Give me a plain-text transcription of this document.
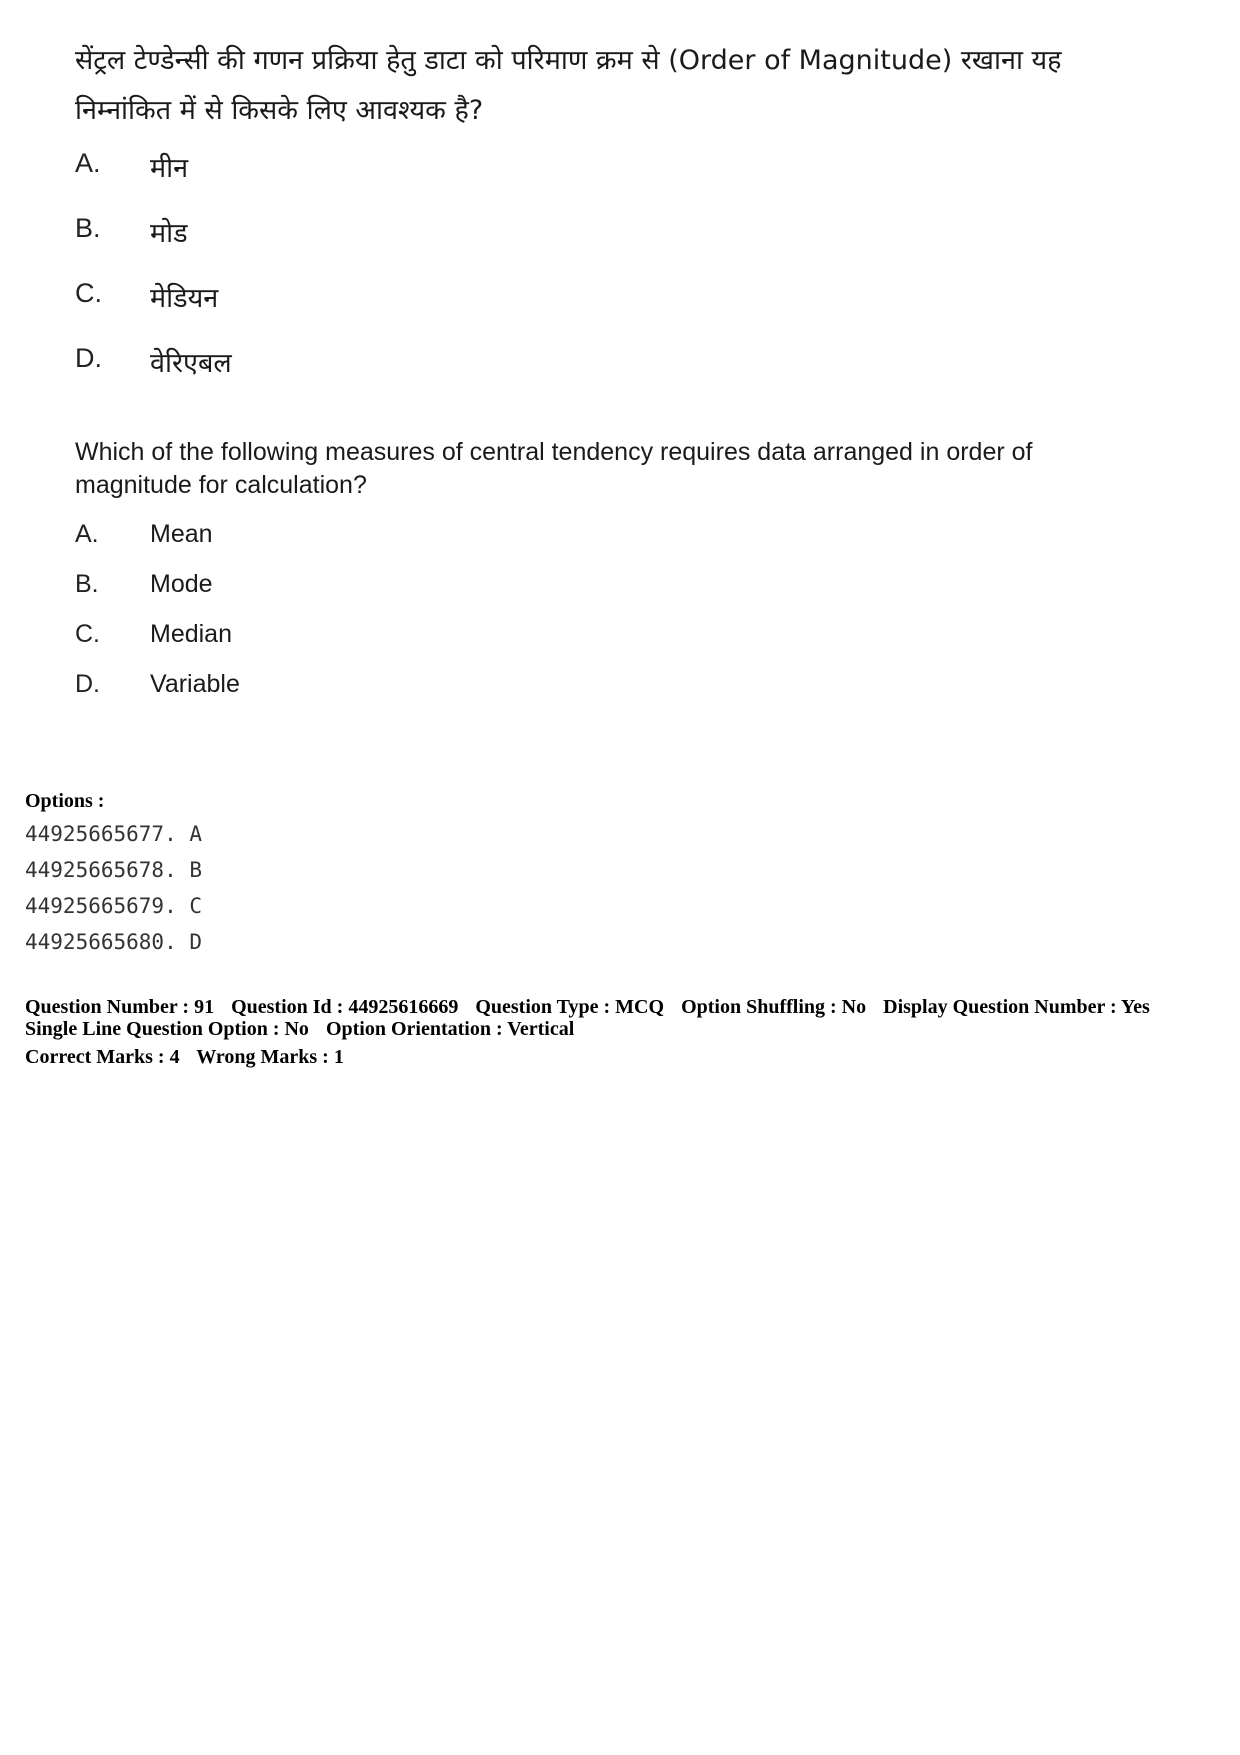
सेंट्रल टेण्डेन्सी की गणन प्रक्रिया हेतु डाटा को परिमाण क्रम से (Order of Magnitude) रखाना यह
निम्नांकित में से किसके लिए आवश्यक है?
A. मीन
B. मोड
C. मेडियन
D. वेरिएबल
Which of the following measures of central tendency requires data arranged in order of
magnitude for calculation?
A. Mean
B. Mode
C. Median
D. Variable
Options :
44925665677. A
44925665678. B
44925665679. C
44925665680. D
Question Number : 91 Question Id : 44925616669 Question Type : MCQ Option Shuffling : No Display Question Number : Yes
Single Line Question Option : No Option Orientation : Vertical
Correct Marks : 4 Wrong Marks : 1
